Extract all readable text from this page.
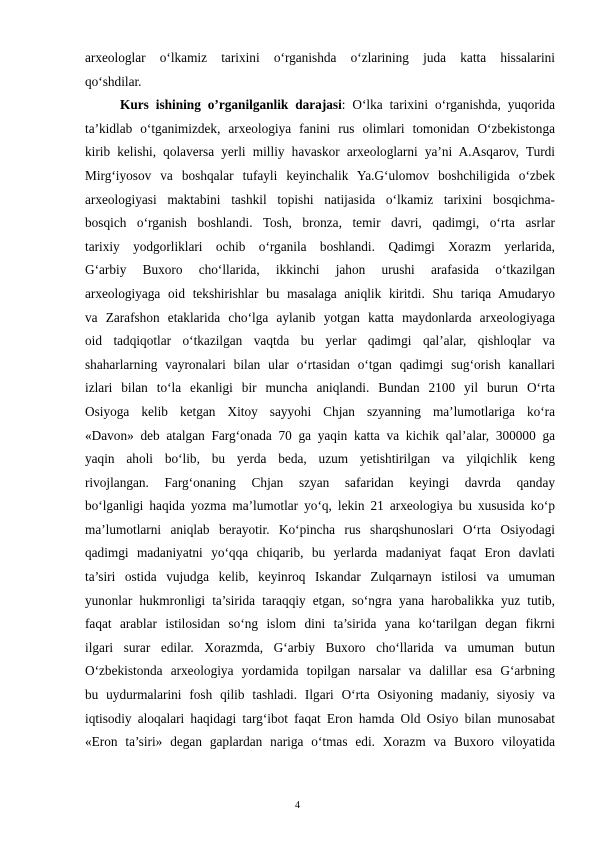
arxeologlar o‘lkamiz tarixini o‘rganishda o‘zlarining juda katta hissalarini
qo‘shdilar.
Kurs ishining o’rganilganlik darajasi: O‘lka tarixini o‘rganishda, yuqorida
ta’kidlab o‘tganimizdek, arxeologiya fanini rus olimlari tomonidan O‘zbekistonga
kirib kelishi, qolaversa yerli milliy havaskor arxeologlarni ya’ni A.Asqarov, Turdi
Mirg‘iyosov va boshqalar tufayli keyinchalik Ya.G‘ulomov boshchiligida o‘zbek
arxeologiyasi maktabini tashkil topishi natijasida o‘lkamiz tarixini bosqichma-
bosqich o‘rganish boshlandi. Tosh, bronza, temir davri, qadimgi, o‘rta asrlar
tarixiy yodgorliklari ochib o‘rganila boshlandi. Qadimgi Xorazm yerlarida,
G‘arbiy Buxoro cho‘llarida, ikkinchi jahon urushi arafasida o‘tkazilgan
arxeologiyaga oid tekshirishlar bu masalaga aniqlik kiritdi. Shu tariqa Amudaryo
va Zarafshon etaklarida cho‘lga aylanib yotgan katta maydonlarda arxeologiyaga
oid tadqiqotlar o‘tkazilgan vaqtda bu yerlar qadimgi qal’alar, qishloqlar va
shaharlarning vayronalari bilan ular o‘rtasidan o‘tgan qadimgi sug‘orish kanallari
izlari bilan to‘la ekanligi bir muncha aniqlandi. Bundan 2100 yil burun O‘rta
Osiyoga kelib ketgan Xitoy sayyohi Chjan szyanning ma’lumotlariga ko‘ra
«Davon» deb atalgan Farg‘onada 70 ga yaqin katta va kichik qal’alar, 300000 ga
yaqin aholi bo‘lib, bu yerda beda, uzum yetishtirilgan va yilqichlik keng
rivojlangan. Farg‘onaning Chjan szyan safaridan keyingi davrda qanday
bo‘lganligi haqida yozma ma’lumotlar yo‘q, lekin 21 arxeologiya bu xususida ko‘p
ma’lumotlarni aniqlab berayotir. Ko‘pincha rus sharqshunoslari O‘rta Osiyodagi
qadimgi madaniyatni yo‘qqa chiqarib, bu yerlarda madaniyat faqat Eron davlati
ta’siri ostida vujudga kelib, keyinroq Iskandar Zulqarnayn istilosi va umuman
yunonlar hukmronligi ta’sirida taraqqiy etgan, so‘ngra yana harobalikka yuz tutib,
faqat arablar istilosidan so‘ng islom dini ta’sirida yana ko‘tarilgan degan fikrni
ilgari surar edilar. Xorazmda, G‘arbiy Buxoro cho‘llarida va umuman butun
O‘zbekistonda arxeologiya yordamida topilgan narsalar va dalillar esa G‘arbning
bu uydurmalarini fosh qilib tashladi. Ilgari O‘rta Osiyoning madaniy, siyosiy va
iqtisodiy aloqalari haqidagi targ‘ibot faqat Eron hamda Old Osiyo bilan munosabat
«Eron ta’siri» degan gaplardan nariga o‘tmas edi. Xorazm va Buxoro viloyatida
4
